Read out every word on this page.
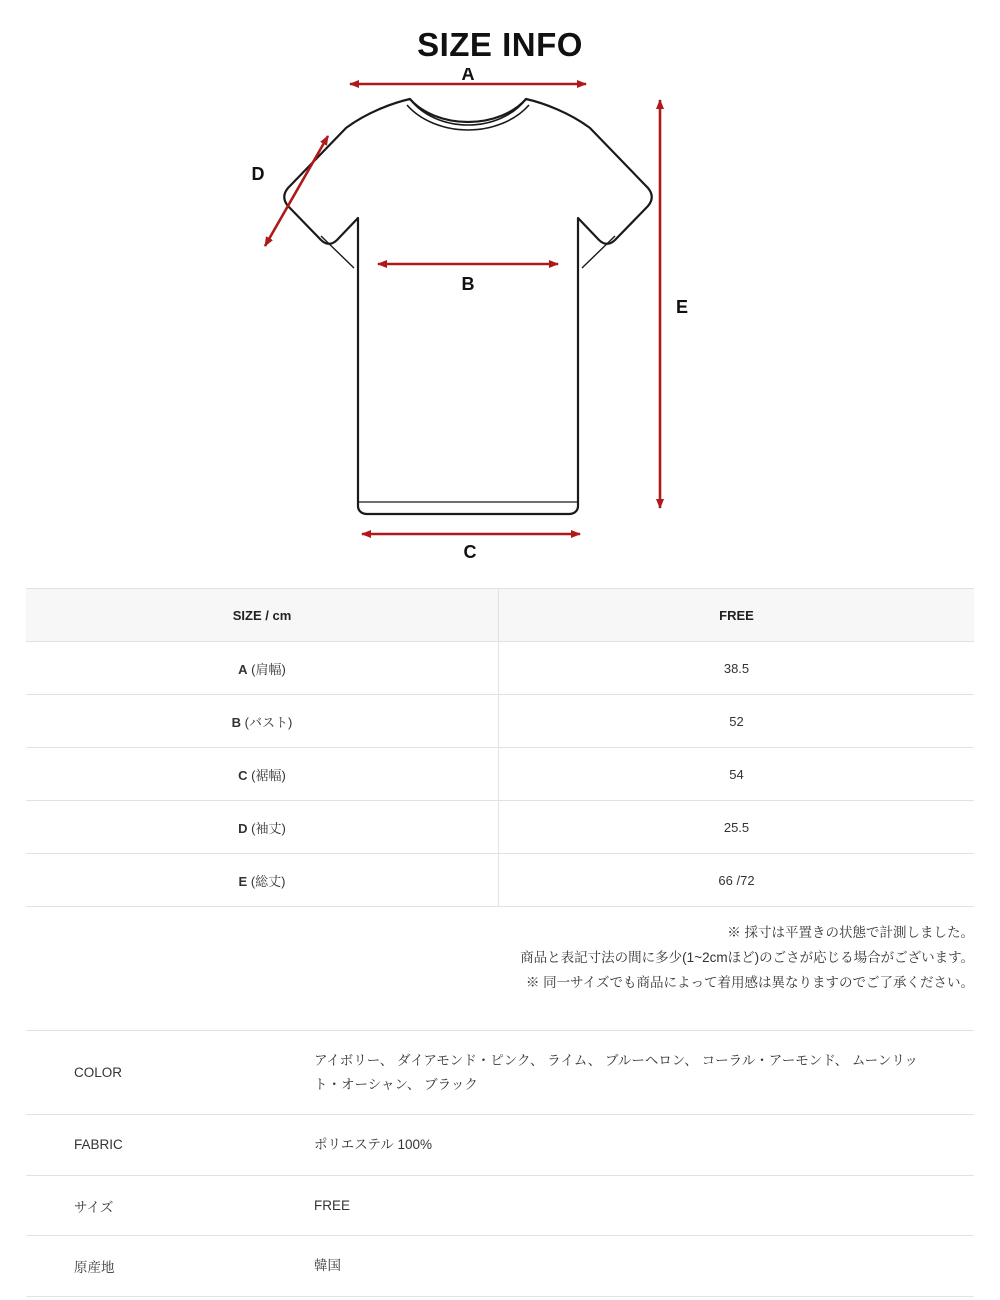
SIZE INFO
A
D
B
E
C
SIZE / cm	FREE
A (肩幅)	38.5
B (バスト)	52
C (裾幅)	54
D (袖丈)	25.5
E (総丈)	66 /72
※ 採寸は平置きの状態で計測しました。
商品と表記寸法の間に多少(1~2cmほど)のごさが応じる場合がございます。
※ 同一サイズでも商品によって着用感は異なりますのでご了承ください。
COLOR	アイボリー、 ダイアモンド・ピンク、 ライム、 ブルーヘロン、 コーラル・アーモンド、 ムーンリット・オーシャン、 ブラック
FABRIC	ポリエステル 100%
サイズ	FREE
原産地	韓国
